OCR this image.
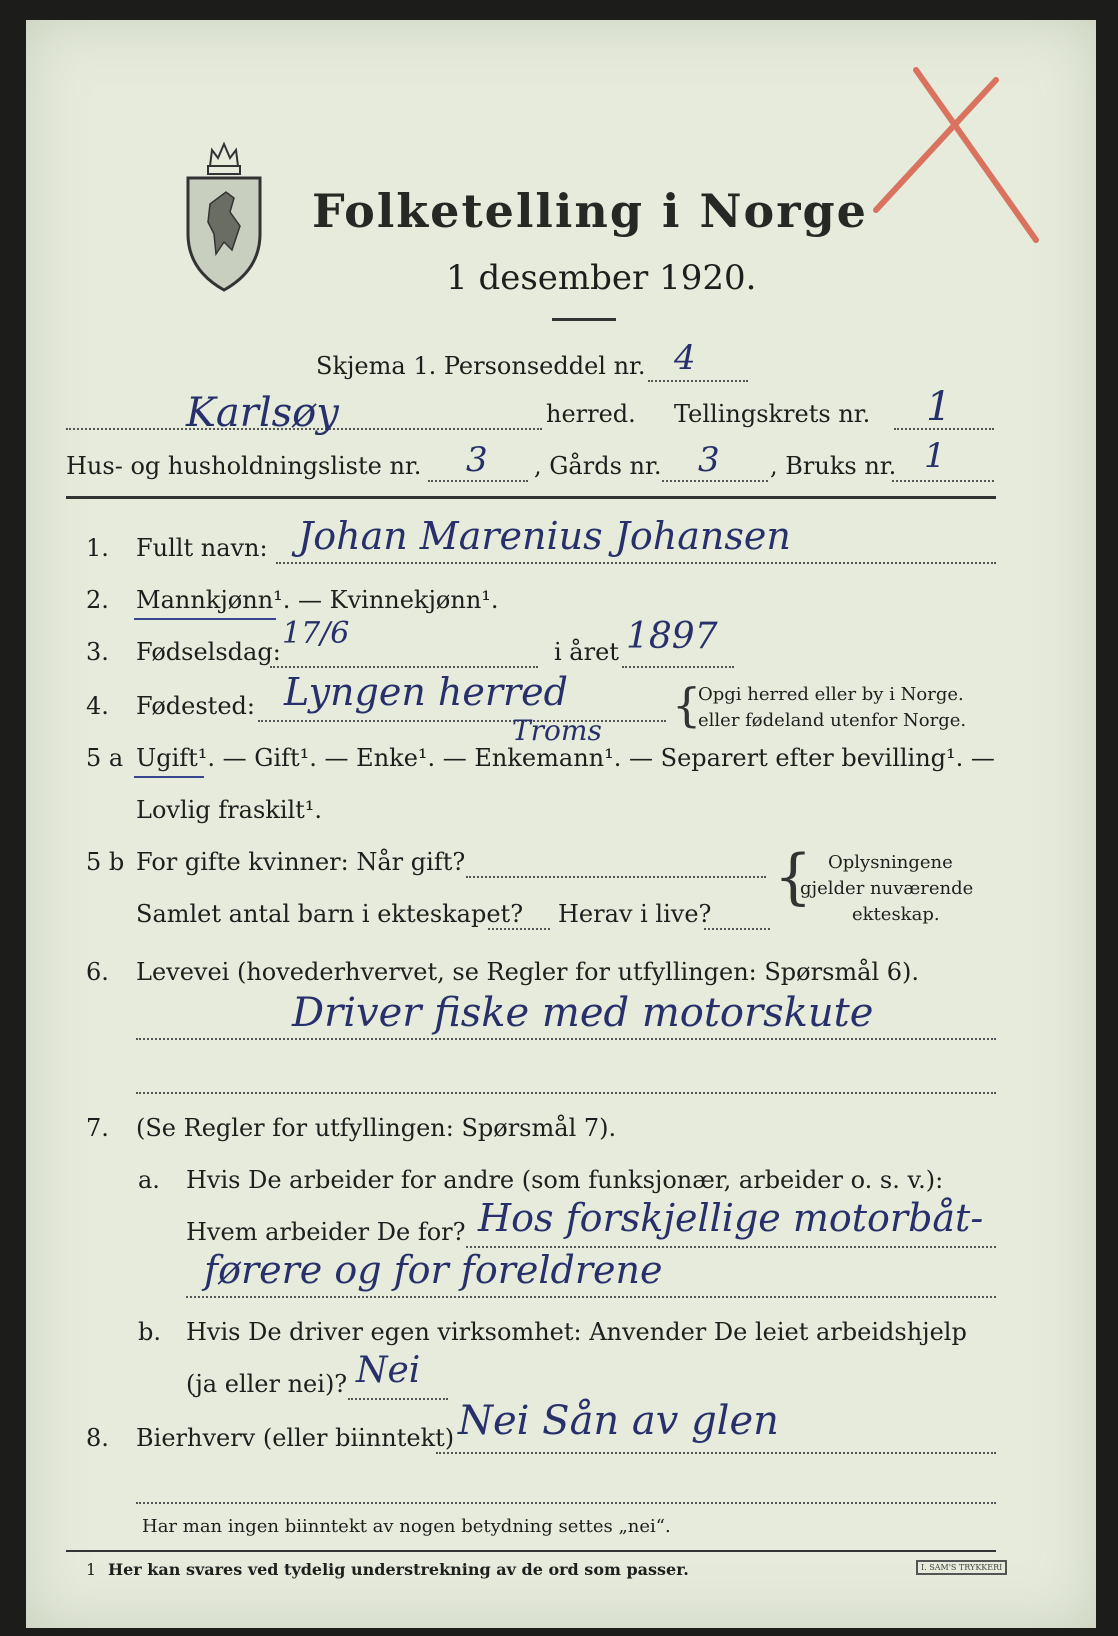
Folketelling i Norge
1 desember 1920.
Skjema 1. Personseddel nr. 4
Karlsøy	herred. Tellingskrets nr. 1
Hus- og husholdningsliste nr. 3 , Gårds nr. 3 , Bruks nr. 1
1. Fullt navn: Johan Marenius Johansen
2. Mannkjønn¹. — Kvinnekjønn¹.
3. Fødselsdag:
17/6
i året 1897
4. Fødested: Lyngen herred
Troms {
Opgi herred eller by i Norge.
eller fødeland utenfor Norge.
5 a Ugift¹. — Gift¹. — Enke¹. — Enkemann¹. — Separert efter bevilling¹. —
Lovlig fraskilt¹.
5 b For gifte kvinner: Når gift?
Samlet antal barn i ekteskapet? Herav i live?
{ Oplysningene
gjelder nuværende
ekteskap.
6. Levevei (hovederhvervet, se Regler for utfyllingen: Spørsmål 6).
Driver fiske med motorskute
7. (Se Regler for utfyllingen: Spørsmål 7).
a. Hvis De arbeider for andre (som funksjonær, arbeider o. s. v.):
Hvem arbeider De for? Hos forskjellige motorbåt-
førere og for foreldrene
b. Hvis De driver egen virksomhet: Anvender De leiet arbeidshjelp
(ja eller nei)? Nei
8. Bierhverv (eller biinntekt) Nei Sån av glen
Har man ingen biinntekt av nogen betydning settes „nei“.
1 Her kan svares ved tydelig understrekning av de ord som passer.	I. SAM'S TRYKKERI
